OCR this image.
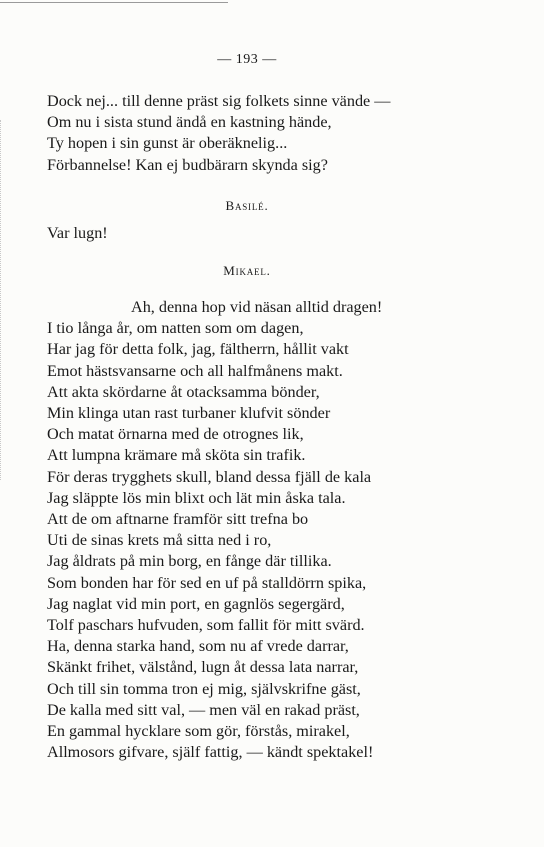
— 193 —
Dock nej... till denne präst sig folkets sinne vände —
Om nu i sista stund ändå en kastning hände,
Ty hopen i sin gunst är oberäknelig...
Förbannelse! Kan ej budbärarn skynda sig?
Basilé.
Var lugn!
Mikael.
Ah, denna hop vid näsan alltid dragen!
I tio långa år, om natten som om dagen,
Har jag för detta folk, jag, fältherrn, hållit vakt
Emot hästsvansarne och all halfmånens makt.
Att akta skördarne åt otacksamma bönder,
Min klinga utan rast turbaner klufvit sönder
Och matat örnarna med de otrognes lik,
Att lumpna krämare må sköta sin trafik.
För deras trygghets skull, bland dessa fjäll de kala
Jag släppte lös min blixt och lät min åska tala.
Att de om aftnarne framför sitt trefna bo
Uti de sinas krets må sitta ned i ro,
Jag åldrats på min borg, en fånge där tillika.
Som bonden har för sed en uf på stalldörrn spika,
Jag naglat vid min port, en gagnlös segergärd,
Tolf paschars hufvuden, som fallit för mitt svärd.
Ha, denna starka hand, som nu af vrede darrar,
Skänkt frihet, välstånd, lugn åt dessa lata narrar,
Och till sin tomma tron ej mig, självskrifne gäst,
De kalla med sitt val, — men väl en rakad präst,
En gammal hycklare som gör, förstås, mirakel,
Allmosors gifvare, själf fattig, — kändt spektakel!
